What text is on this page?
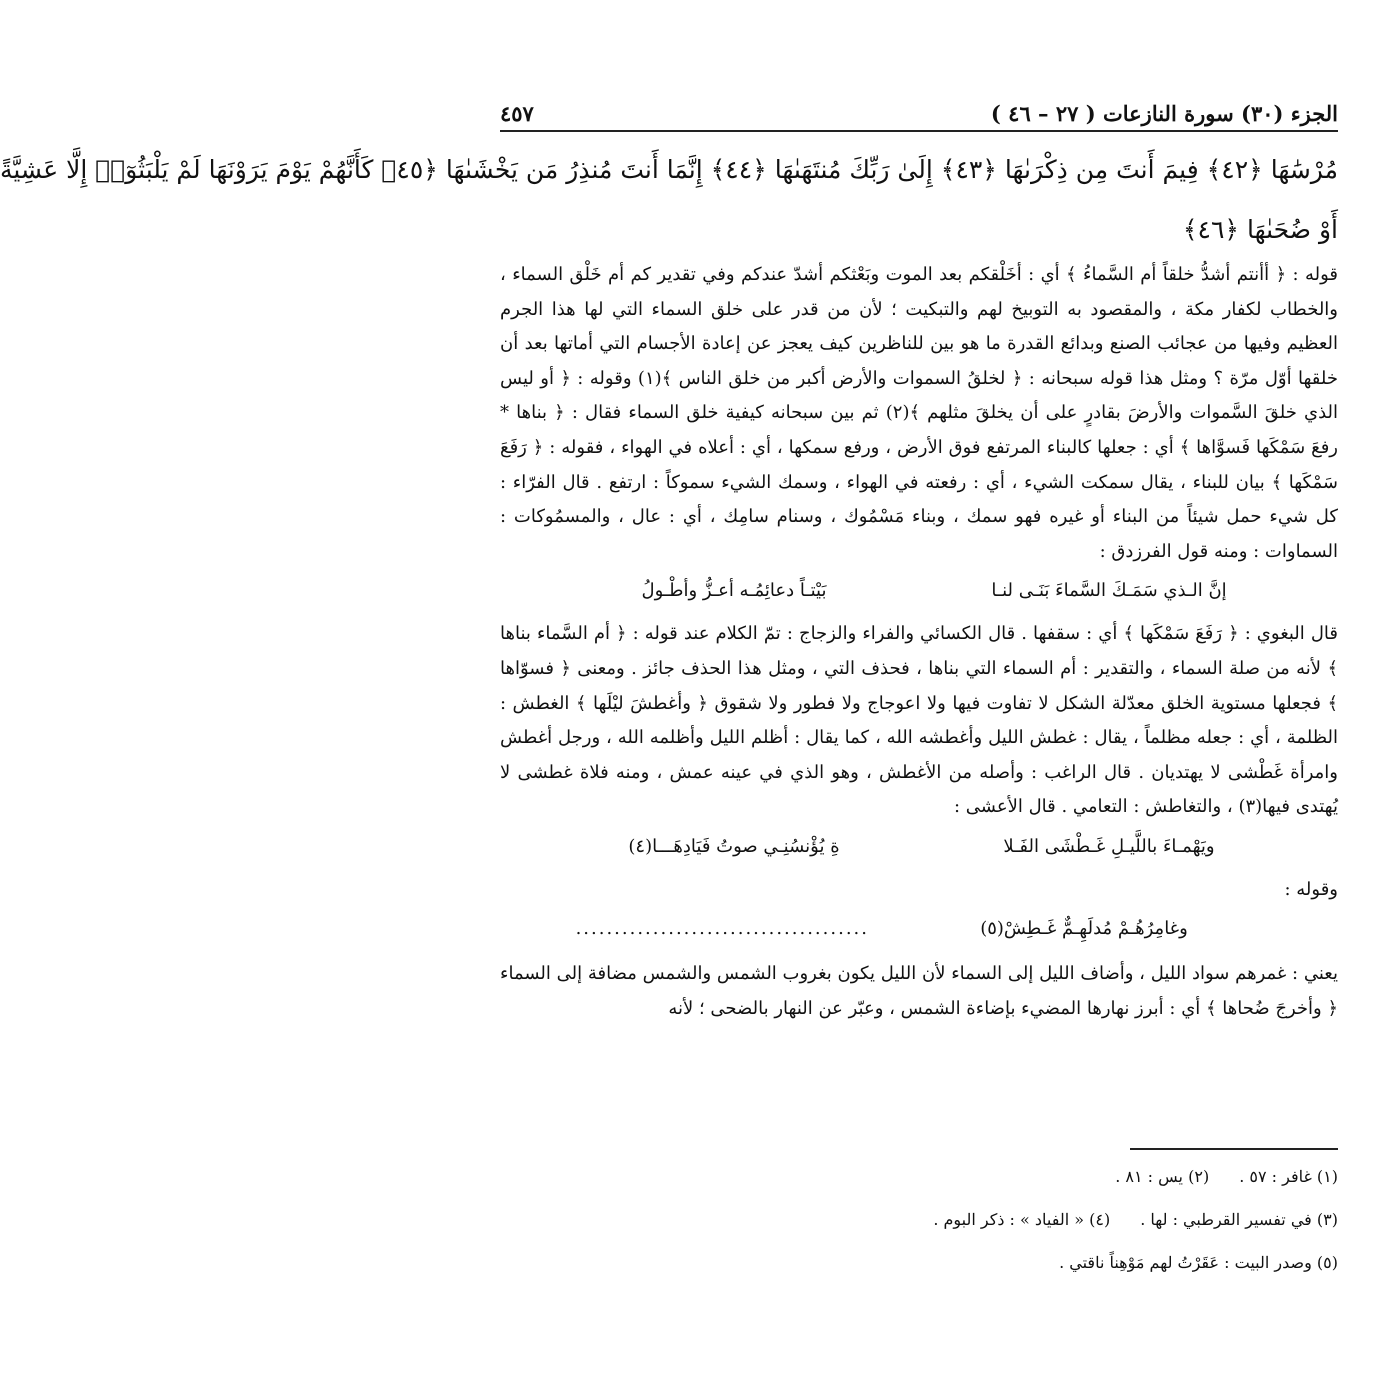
الجزء (٣٠) سورة النازعات ( ٢٧ – ٤٦ )
٤٥٧
مُرْسَٰهَا ﴿٤٢﴾ فِيمَ أَنتَ مِن ذِكْرَىٰهَا ﴿٤٣﴾ إِلَىٰ رَبِّكَ مُنتَهَىٰهَا ﴿٤٤﴾ إِنَّمَا أَنتَ مُنذِرُ مَن يَخْشَىٰهَا ﴿٤٥﴾ كَأَنَّهُمْ يَوْمَ يَرَوْنَهَا لَمْ يَلْبَثُوٓا۟ إِلَّا عَشِيَّةً
أَوْ ضُحَىٰهَا ﴿٤٦﴾

قوله : ﴿ أأنتم أشدُّ خلقاً أم السَّماءُ ﴾ أي : أخَلْقكم بعد الموت وبَعْثكم أشدّ عندكم وفي تقدير كم أم خَلْق السماء ، والخطاب لكفار مكة ، والمقصود به التوبيخ لهم والتبكيت ؛ لأن من قدر على خلق السماء التي لها هذا الجرم العظيم وفيها من عجائب الصنع وبدائع القدرة ما هو بين للناظرين كيف يعجز عن إعادة الأجسام التي أماتها بعد أن خلقها أوّل مرّة ؟ ومثل هذا قوله سبحانه : ﴿ لخلقُ السموات والأرض أكبر من خلق الناس ﴾(١) وقوله : ﴿ أو ليس الذي خلقَ السَّموات والأرضَ بقادرٍ على أن يخلقَ مثلهم ﴾(٢) ثم بين سبحانه كيفية خلق السماء فقال : ﴿ بناها * رفعَ سَمْكَها فَسوَّاها ﴾ أي : جعلها كالبناء المرتفع فوق الأرض ، ورفع سمكها ، أي : أعلاه في الهواء ، فقوله : ﴿ رَفَعَ سَمْكَها ﴾ بيان للبناء ، يقال سمكت الشيء ، أي : رفعته في الهواء ، وسمك الشيء سموكاً : ارتفع . قال الفرّاء : كل شيء حمل شيئاً من البناء أو غيره فهو سمك ، وبناء مَسْمُوك ، وسنام سامِك ، أي : عال ، والمسمُوكات : السماوات : ومنه قول الفرزدق :

إنَّ الـذي سَمَـكَ السَّماءَ بَنَـى لنـابَيْتـاً دعائِمُـه أعـزُّ وأطْـولُ

قال البغوي : ﴿ رَفَعَ سَمْكَها ﴾ أي : سقفها . قال الكسائي والفراء والزجاج : تمّ الكلام عند قوله : ﴿ أم السَّماء بناها ﴾ لأنه من صلة السماء ، والتقدير : أم السماء التي بناها ، فحذف التي ، ومثل هذا الحذف جائز . ومعنى ﴿ فسوّاها ﴾ فجعلها مستوية الخلق معدّلة الشكل لا تفاوت فيها ولا اعوجاج ولا فطور ولا شقوق ﴿ وأغطشَ ليْلَها ﴾ الغطش : الظلمة ، أي : جعله مظلماً ، يقال : غطش الليل وأغطشه الله ، كما يقال : أظلم الليل وأظلمه الله ، ورجل أغطش وامرأة غَطْشى لا يهتديان . قال الراغب : وأصله من الأغطش ، وهو الذي في عينه عمش ، ومنه فلاة غطشى لا يُهتدى فيها(٣) ، والتغاطش : التعامي . قال الأعشى :

ويَهْمـاءَ باللَّيـلِ غَـطْشَى الفَـلاةِ يُؤْنسُنِـي صوتُ فَيَادِهَـــا(٤)

وقوله :

وغامِرُهُـمْ مُدلَهِـمٌّ غَـطِشْ(٥)......................................

يعني : غمرهم سواد الليل ، وأضاف الليل إلى السماء لأن الليل يكون بغروب الشمس والشمس مضافة إلى السماء ﴿ وأخرجَ ضُحاها ﴾ أي : أبرز نهارها المضيء بإضاءة الشمس ، وعبّر عن النهار بالضحى ؛ لأنه

(١) غافر : ٥٧ .(٢) يس : ٨١ .
(٣) في تفسير القرطبي : لها .(٤) « الفياد » : ذكر البوم .
(٥) وصدر البيت : عَقَرْتُ لهم مَوْهِناً ناقتي .
